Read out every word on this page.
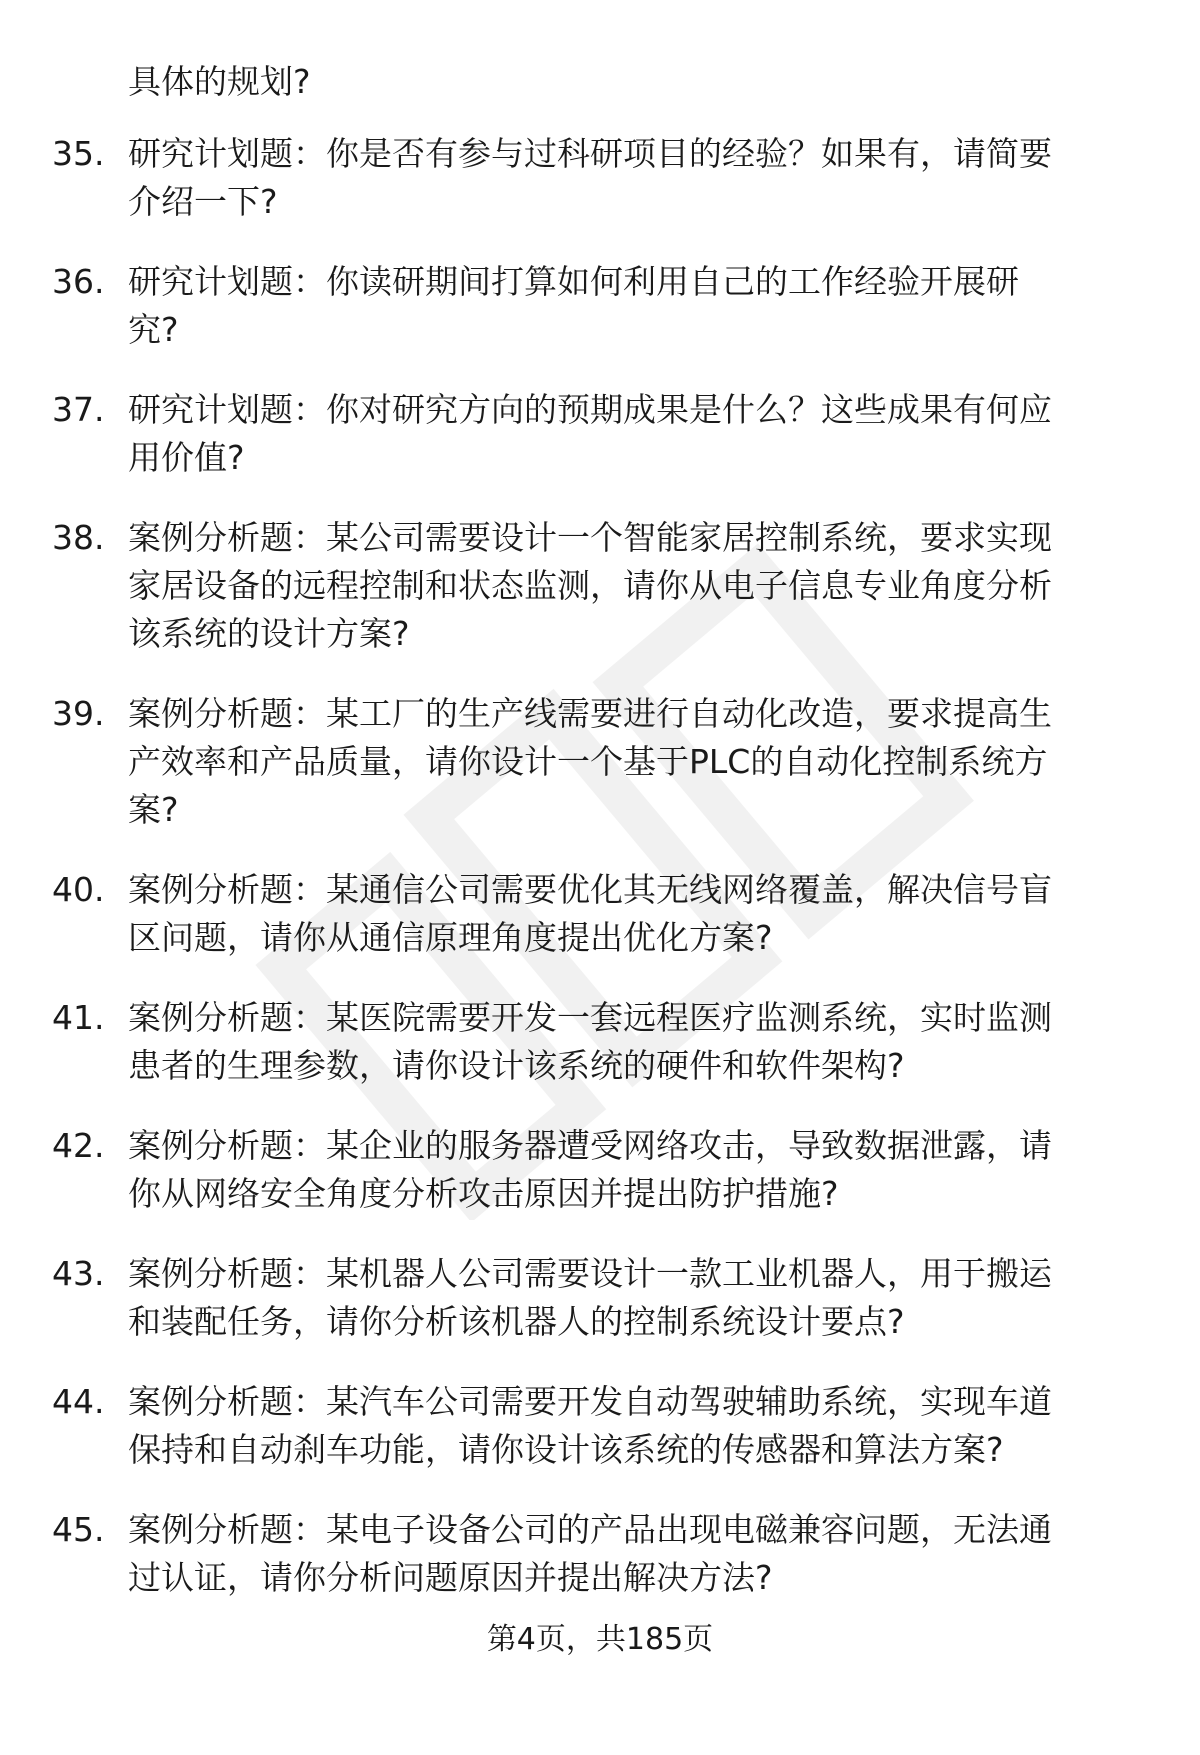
具体的规划?
35. 研究计划题：你是否有参与过科研项目的经验？如果有，请简要
介绍一下?
36. 研究计划题：你读研期间打算如何利用自己的工作经验开展研
究?
37. 研究计划题：你对研究方向的预期成果是什么？这些成果有何应
用价值?
38. 案例分析题：某公司需要设计一个智能家居控制系统，要求实现
家居设备的远程控制和状态监测，请你从电子信息专业角度分析
该系统的设计方案?
39. 案例分析题：某工厂的生产线需要进行自动化改造，要求提高生
产效率和产品质量，请你设计一个基于PLC的自动化控制系统方
案?
40. 案例分析题：某通信公司需要优化其无线网络覆盖，解决信号盲
区问题，请你从通信原理角度提出优化方案?
41. 案例分析题：某医院需要开发一套远程医疗监测系统，实时监测
患者的生理参数，请你设计该系统的硬件和软件架构?
42. 案例分析题：某企业的服务器遭受网络攻击，导致数据泄露，请
你从网络安全角度分析攻击原因并提出防护措施?
43. 案例分析题：某机器人公司需要设计一款工业机器人，用于搬运
和装配任务，请你分析该机器人的控制系统设计要点?
44. 案例分析题：某汽车公司需要开发自动驾驶辅助系统，实现车道
保持和自动刹车功能，请你设计该系统的传感器和算法方案?
45. 案例分析题：某电子设备公司的产品出现电磁兼容问题，无法通
过认证，请你分析问题原因并提出解决方法?
第4页，共185页
